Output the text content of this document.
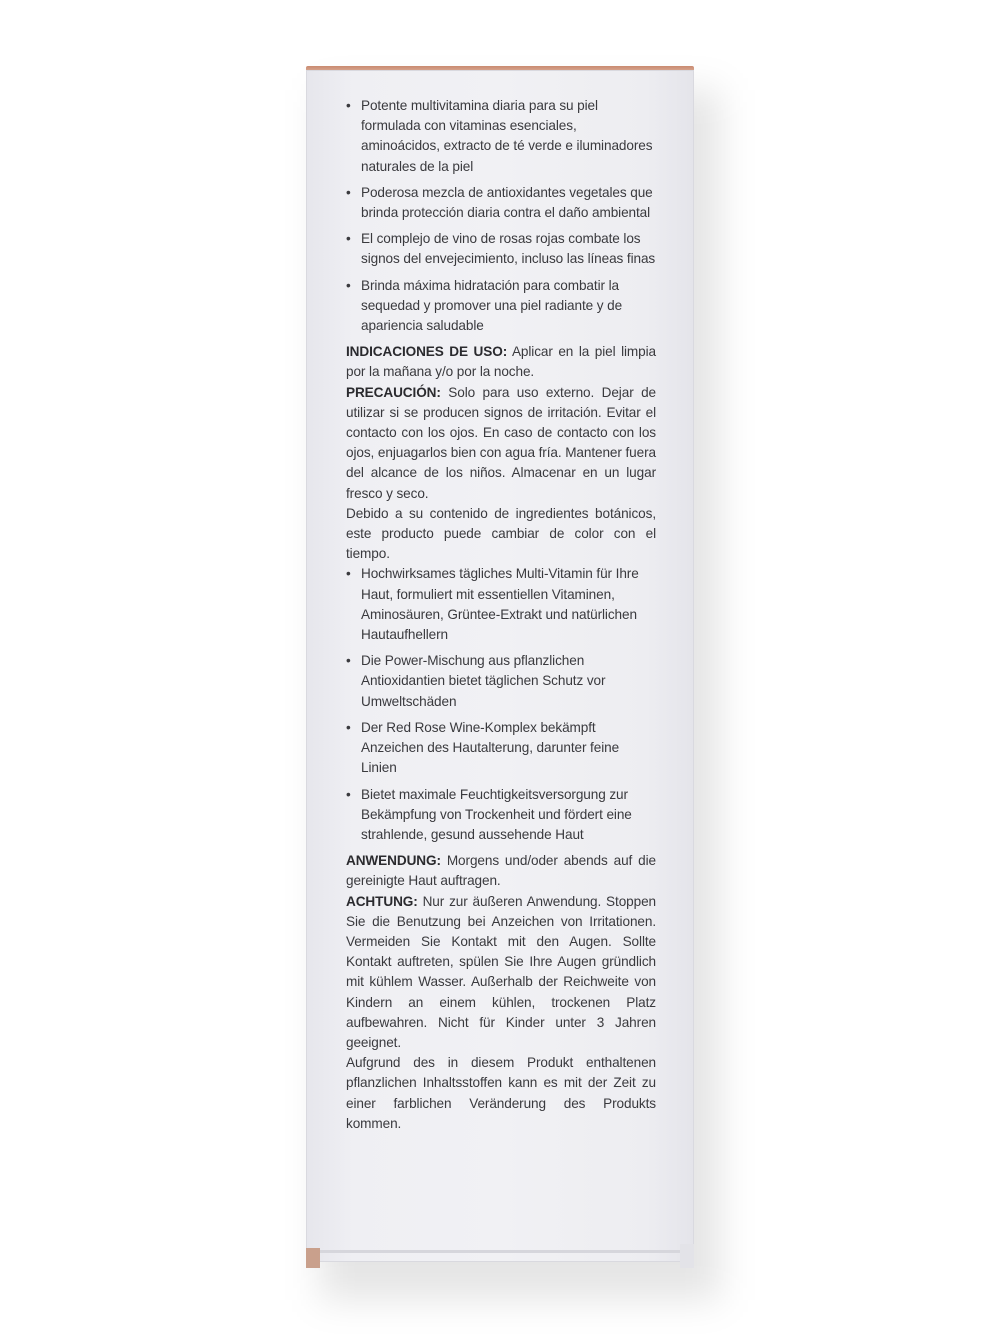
• Potente multivitamina diaria para su piel formulada con vitaminas esenciales, aminoácidos, extracto de té verde e iluminadores naturales de la piel
• Poderosa mezcla de antioxidantes vegetales que brinda protección diaria contra el daño ambiental
• El complejo de vino de rosas rojas combate los signos del envejecimiento, incluso las líneas finas
• Brinda máxima hidratación para combatir la sequedad y promover una piel radiante y de apariencia saludable

INDICACIONES DE USO: Aplicar en la piel limpia por la mañana y/o por la noche.

PRECAUCIÓN: Solo para uso externo. Dejar de utilizar si se producen signos de irritación. Evitar el contacto con los ojos. En caso de contacto con los ojos, enjuagarlos bien con agua fría. Mantener fuera del alcance de los niños. Almacenar en un lugar fresco y seco.

Debido a su contenido de ingredientes botánicos, este producto puede cambiar de color con el tiempo.

• Hochwirksames tägliches Multi-Vitamin für Ihre Haut, formuliert mit essentiellen Vitaminen, Aminosäuren, Grüntee-Extrakt und natürlichen Hautaufhellern
• Die Power-Mischung aus pflanzlichen Antioxidantien bietet täglichen Schutz vor Umweltschäden
• Der Red Rose Wine-Komplex bekämpft Anzeichen des Hautalterung, darunter feine Linien
• Bietet maximale Feuchtigkeitsversorgung zur Bekämpfung von Trockenheit und fördert eine strahlende, gesund aussehende Haut

ANWENDUNG: Morgens und/oder abends auf die gereinigte Haut auftragen.

ACHTUNG: Nur zur äußeren Anwendung. Stoppen Sie die Benutzung bei Anzeichen von Irritationen. Vermeiden Sie Kontakt mit den Augen. Sollte Kontakt auftreten, spülen Sie Ihre Augen gründlich mit kühlem Wasser. Außerhalb der Reichweite von Kindern an einem kühlen, trockenen Platz aufbewahren. Nicht für Kinder unter 3 Jahren geeignet.

Aufgrund des in diesem Produkt enthaltenen pflanzlichen Inhaltsstoffen kann es mit der Zeit zu einer farblichen Veränderung des Produkts kommen.
